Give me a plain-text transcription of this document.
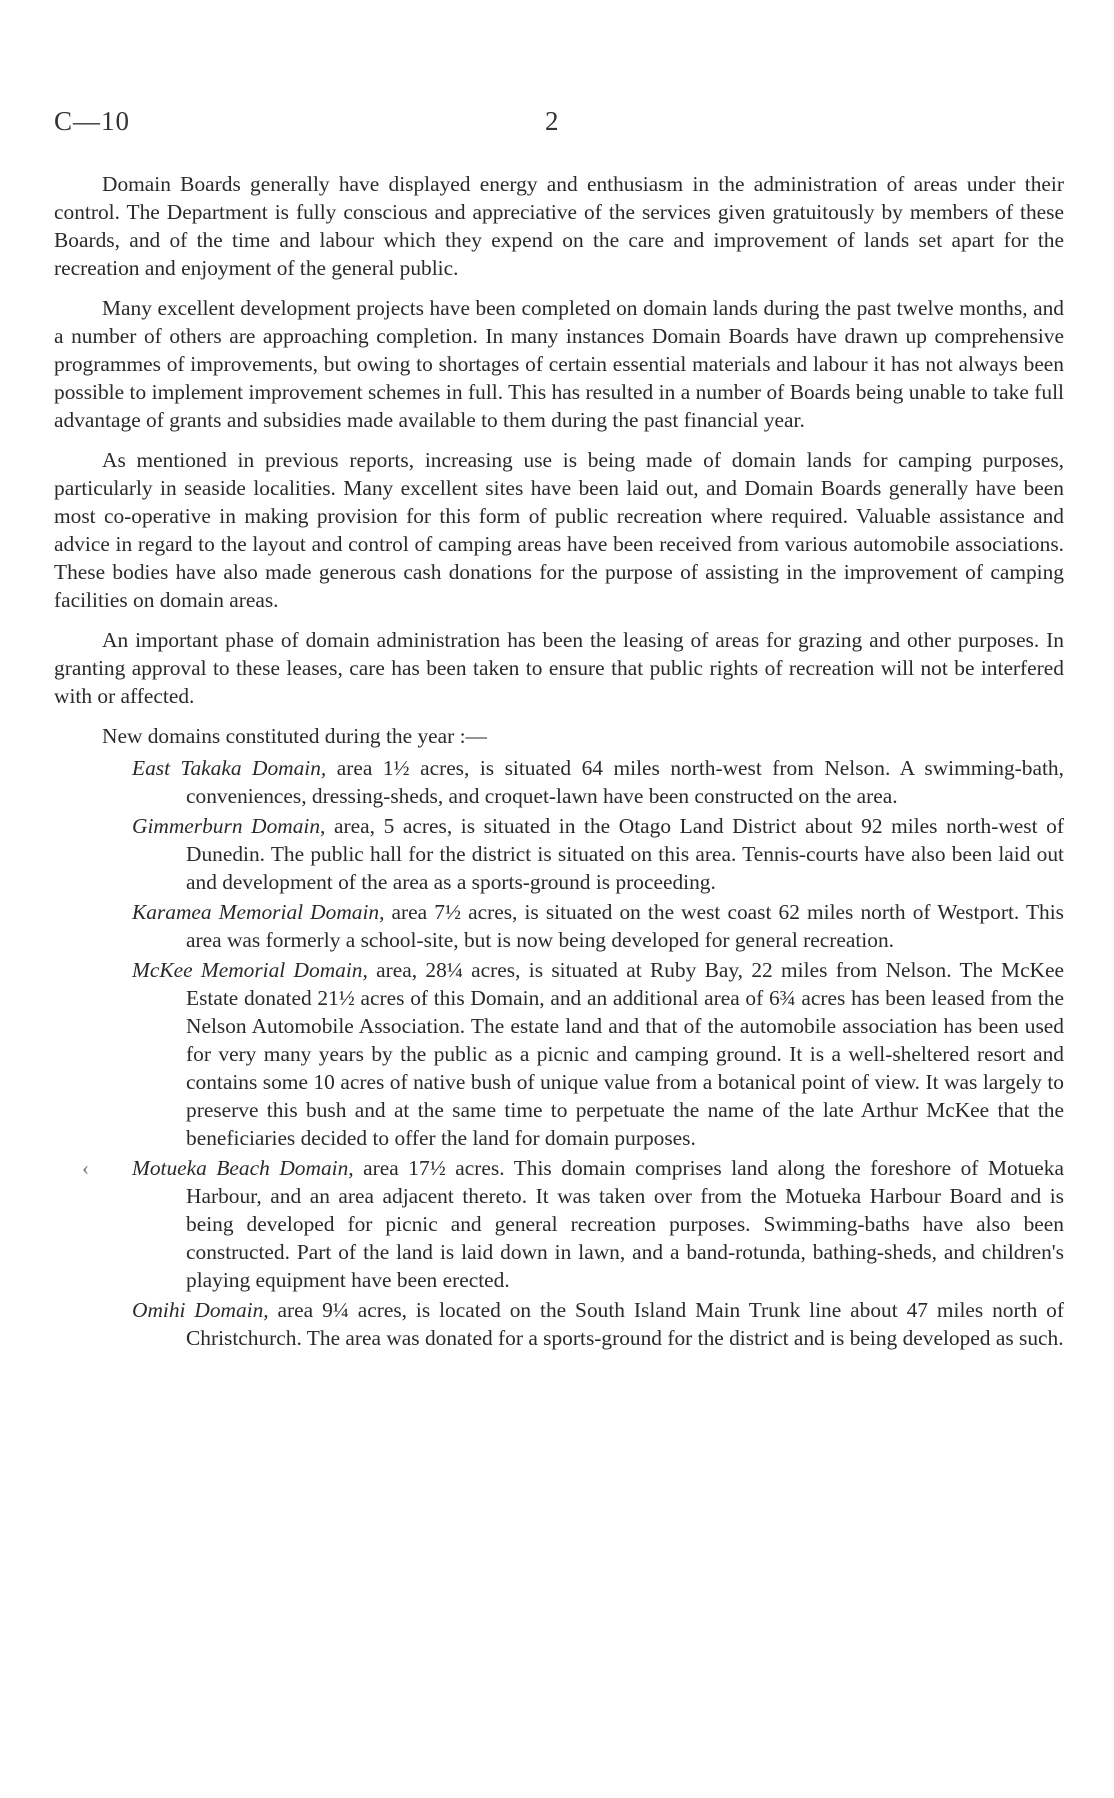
C—10	2

Domain Boards generally have displayed energy and enthusiasm in the administration of areas under their control. The Department is fully conscious and appreciative of the services given gratuitously by members of these Boards, and of the time and labour which they expend on the care and improvement of lands set apart for the recreation and enjoyment of the general public.

Many excellent development projects have been completed on domain lands during the past twelve months, and a number of others are approaching completion. In many instances Domain Boards have drawn up comprehensive programmes of improvements, but owing to shortages of certain essential materials and labour it has not always been possible to implement improvement schemes in full. This has resulted in a number of Boards being unable to take full advantage of grants and subsidies made available to them during the past financial year.

As mentioned in previous reports, increasing use is being made of domain lands for camping purposes, particularly in seaside localities. Many excellent sites have been laid out, and Domain Boards generally have been most co-operative in making provision for this form of public recreation where required. Valuable assistance and advice in regard to the layout and control of camping areas have been received from various automobile associations. These bodies have also made generous cash donations for the purpose of assisting in the improvement of camping facilities on domain areas.

An important phase of domain administration has been the leasing of areas for grazing and other purposes. In granting approval to these leases, care has been taken to ensure that public rights of recreation will not be interfered with or affected.

New domains constituted during the year :—
East Takaka Domain, area 1½ acres, is situated 64 miles north-west from Nelson. A swimming-bath, conveniences, dressing-sheds, and croquet-lawn have been constructed on the area.
Gimmerburn Domain, area, 5 acres, is situated in the Otago Land District about 92 miles north-west of Dunedin. The public hall for the district is situated on this area. Tennis-courts have also been laid out and development of the area as a sports-ground is proceeding.
Karamea Memorial Domain, area 7½ acres, is situated on the west coast 62 miles north of Westport. This area was formerly a school-site, but is now being developed for general recreation.
McKee Memorial Domain, area, 28¼ acres, is situated at Ruby Bay, 22 miles from Nelson. The McKee Estate donated 21½ acres of this Domain, and an additional area of 6¾ acres has been leased from the Nelson Automobile Association. The estate land and that of the automobile association has been used for very many years by the public as a picnic and camping ground. It is a well-sheltered resort and contains some 10 acres of native bush of unique value from a botanical point of view. It was largely to preserve this bush and at the same time to perpetuate the name of the late Arthur McKee that the beneficiaries decided to offer the land for domain purposes.
‹	Motueka Beach Domain, area 17½ acres. This domain comprises land along the foreshore of Motueka Harbour, and an area adjacent thereto. It was taken over from the Motueka Harbour Board and is being developed for picnic and general recreation purposes. Swimming-baths have also been constructed. Part of the land is laid down in lawn, and a band-rotunda, bathing-sheds, and children's playing equipment have been erected.
Omihi Domain, area 9¼ acres, is located on the South Island Main Trunk line about 47 miles north of Christchurch. The area was donated for a sports-ground for the district and is being developed as such.
